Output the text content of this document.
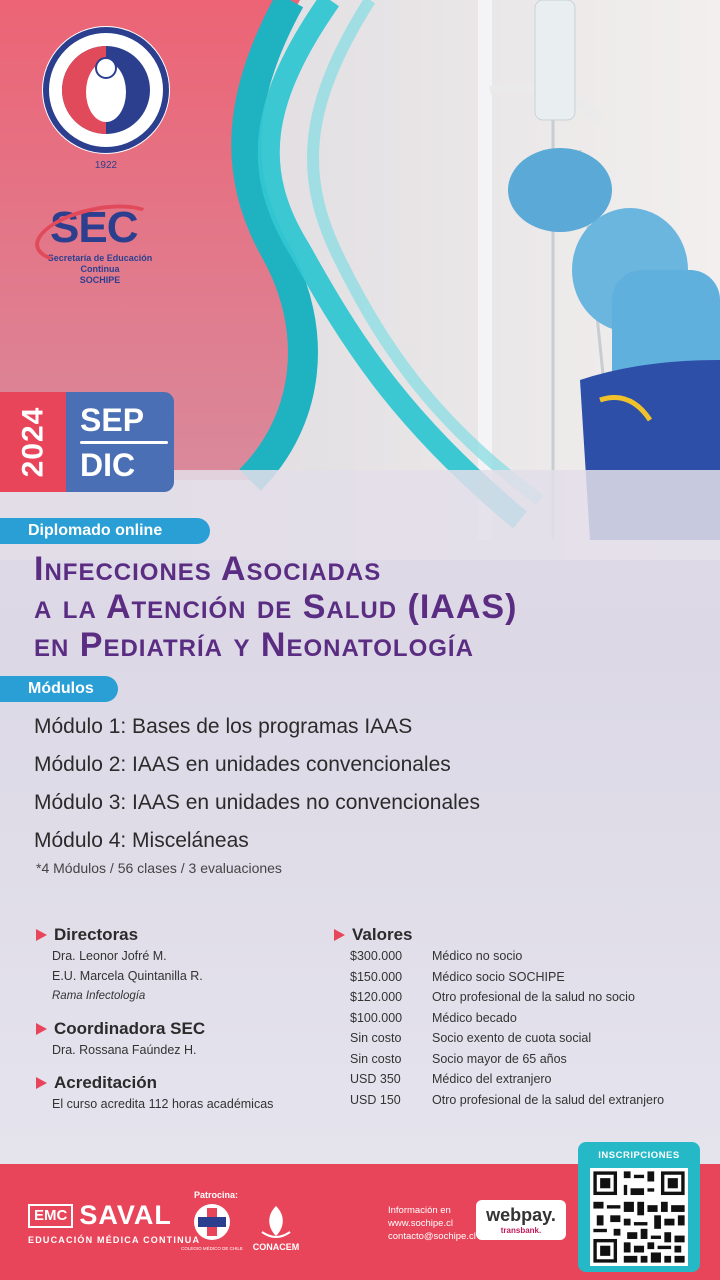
1922
SEC
Secretaría de Educación Continua
SOCHIPE
2024 SEP
DIC
Diplomado online
Infecciones Asociadas
a la Atención de Salud (IAAS)
en Pediatría y Neonatología
Módulos
Módulo 1: Bases de los programas IAAS
Módulo 2: IAAS en unidades convencionales
Módulo 3: IAAS en unidades no convencionales
Módulo 4: Misceláneas
*4 Módulos / 56 clases / 3 evaluaciones
Directoras
Dra. Leonor Jofré M.
E.U. Marcela Quintanilla R.
Rama Infectología
Coordinadora SEC
Dra. Rossana Faúndez H.
Acreditación
El curso acredita 112 horas académicas
Valores
$300.000	Médico no socio
$150.000	Médico socio SOCHIPE
$120.000	Otro profesional de la salud no socio
$100.000	Médico becado
Sin costo	Socio exento de cuota social
Sin costo	Socio mayor de 65 años
USD 350	Médico del extranjero
USD 150	Otro profesional de la salud del extranjero
EMC SAVAL
EDUCACIÓN MÉDICA CONTINUA
Patrocina:
COLEGIO MÉDICO DE CHILE CONACEM
Información en
www.sochipe.cl
contacto@sochipe.cl
webpay.
transbank.
INSCRIPCIONES
